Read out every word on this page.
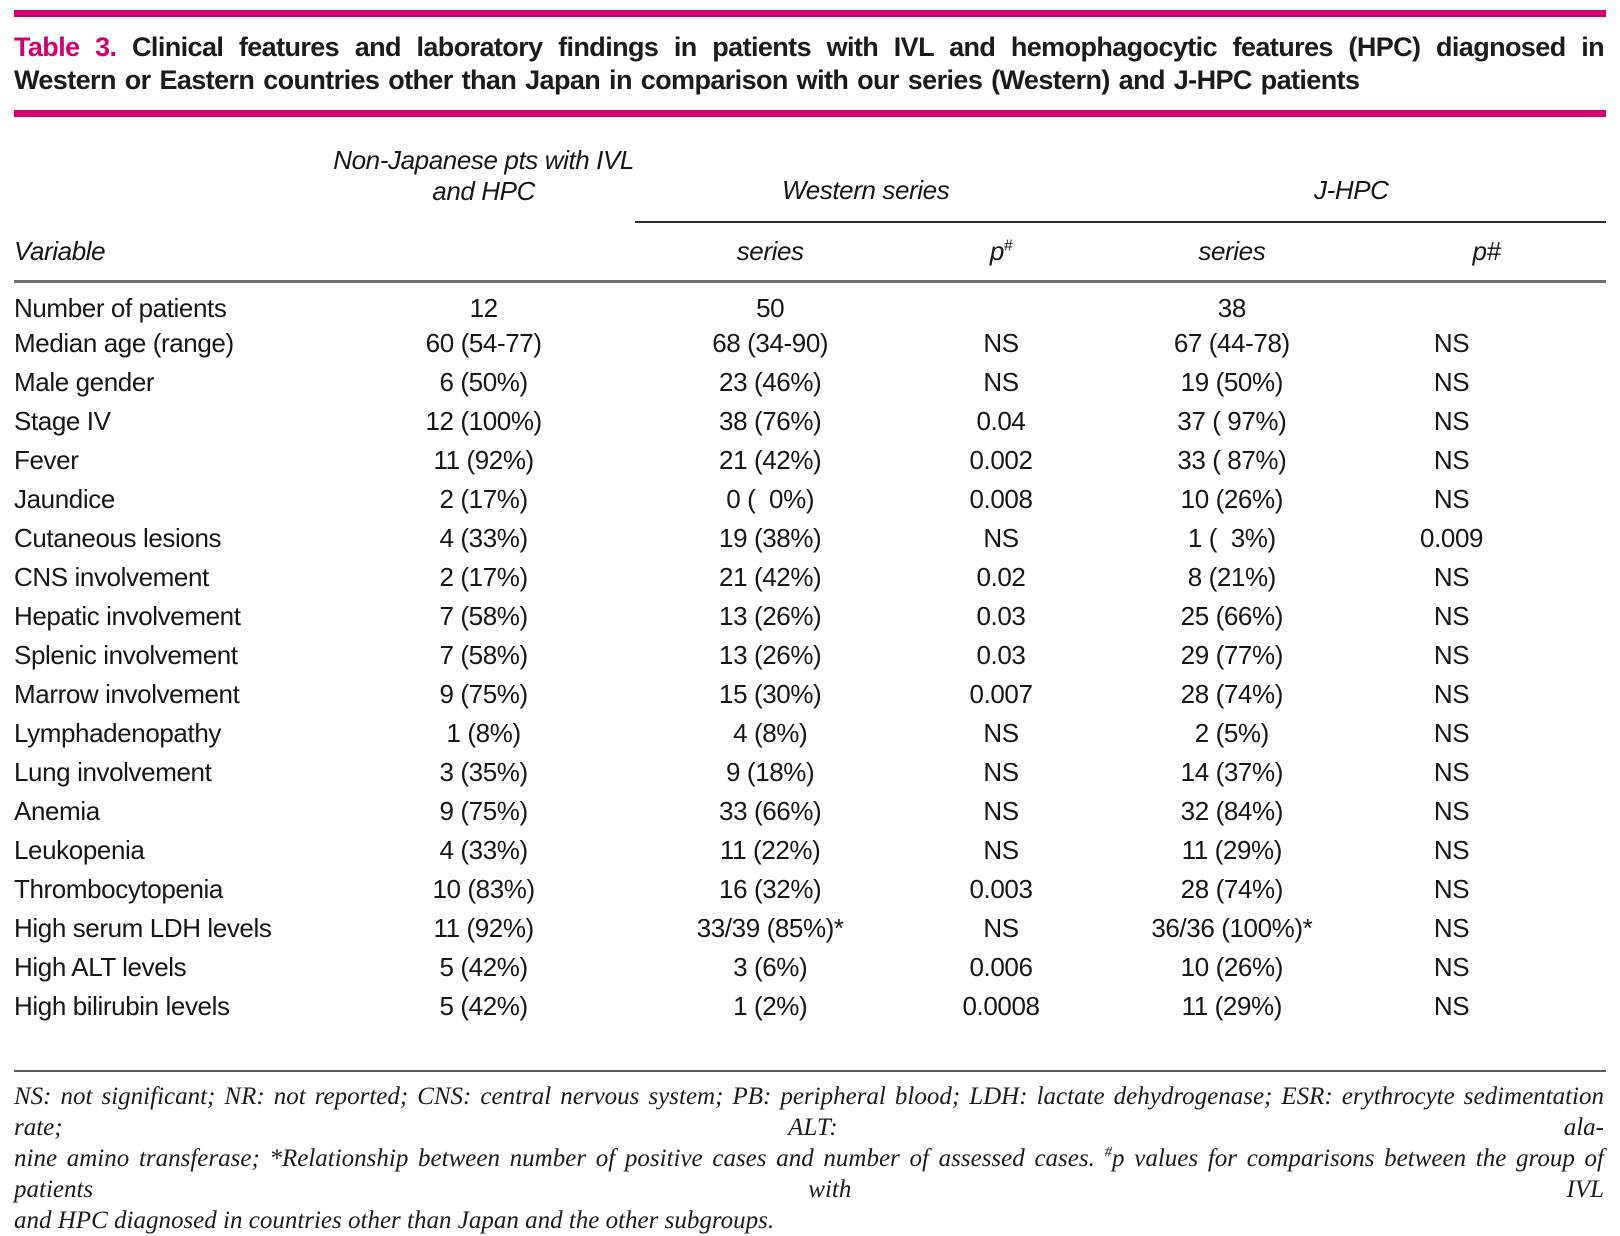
Table 3. Clinical features and laboratory findings in patients with IVL and hemophagocytic features (HPC) diagnosed in Western or Eastern countries other than Japan in comparison with our series (Western) and J-HPC patients

	Non-Japanese pts with IVL and HPC	Western series		J-HPC	
Variable		series	p#	series	p#
Number of patients	12	50		38	
Median age (range)	60 (54-77)	68 (34-90)	NS	67 (44-78)	NS
Male gender	6 (50%)	23 (46%)	NS	19 (50%)	NS
Stage IV	12 (100%)	38 (76%)	0.04	37 ( 97%)	NS
Fever	11 (92%)	21 (42%)	0.002	33 ( 87%)	NS
Jaundice	2 (17%)	0 (  0%)	0.008	10 (26%)	NS
Cutaneous lesions	4 (33%)	19 (38%)	NS	1 (  3%)	0.009
CNS involvement	2 (17%)	21 (42%)	0.02	8 (21%)	NS
Hepatic involvement	7 (58%)	13 (26%)	0.03	25 (66%)	NS
Splenic involvement	7 (58%)	13 (26%)	0.03	29 (77%)	NS
Marrow involvement	9 (75%)	15 (30%)	0.007	28 (74%)	NS
Lymphadenopathy	1 (8%)	4 (8%)	NS	2 (5%)	NS
Lung involvement	3 (35%)	9 (18%)	NS	14 (37%)	NS
Anemia	9 (75%)	33 (66%)	NS	32 (84%)	NS
Leukopenia	4 (33%)	11 (22%)	NS	11 (29%)	NS
Thrombocytopenia	10 (83%)	16 (32%)	0.003	28 (74%)	NS
High serum LDH levels	11 (92%)	33/39 (85%)*	NS	36/36 (100%)*	NS
High ALT levels	5 (42%)	3 (6%)	0.006	10 (26%)	NS
High bilirubin levels	5 (42%)	1 (2%)	0.0008	11 (29%)	NS
NS: not significant; NR: not reported; CNS: central nervous system; PB: peripheral blood; LDH: lactate dehydrogenase; ESR: erythrocyte sedimentation rate; ALT: ala-
nine amino transferase; *Relationship between number of positive cases and number of assessed cases. #p values for comparisons between the group of patients with IVL
and HPC diagnosed in countries other than Japan and the other subgroups.
